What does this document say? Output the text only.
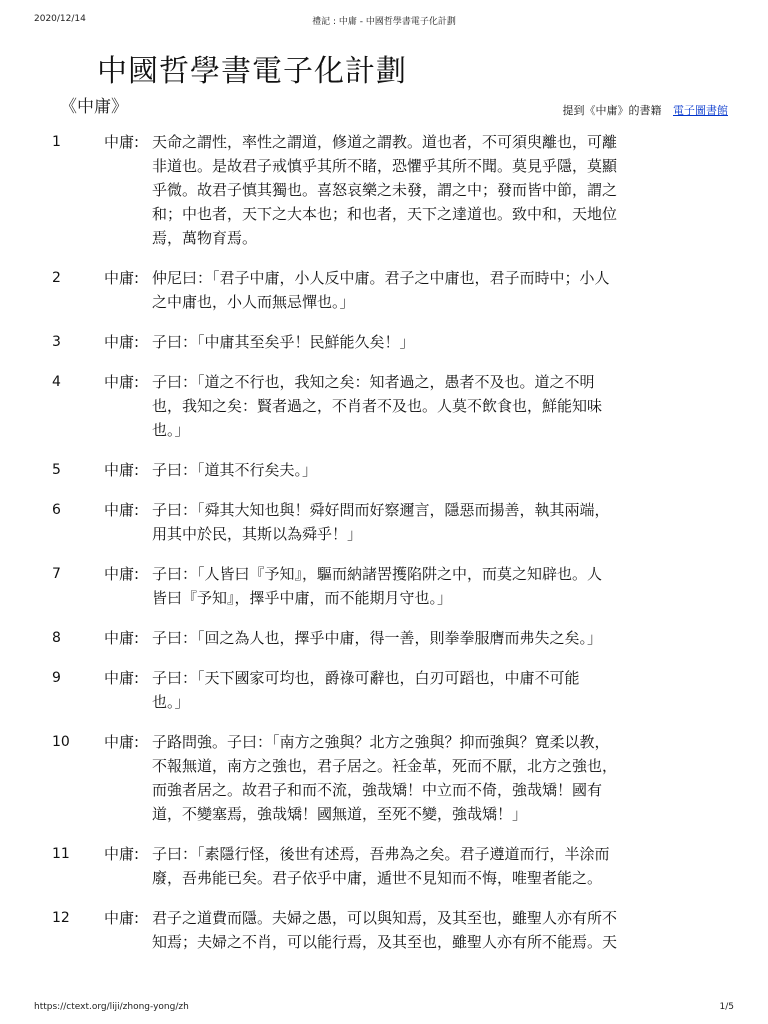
2020/12/14	禮記 : 中庸 - 中國哲學書電子化計劃
中國哲學書電子化計劃
《中庸》	提到《中庸》的書籍 電子圖書館
1	中庸: 天命之謂性，率性之謂道，修道之謂教。道也者，不可須臾離也，可離
非道也。是故君子戒慎乎其所不睹，恐懼乎其所不聞。莫見乎隱，莫顯
乎微。故君子慎其獨也。喜怒哀樂之未發，謂之中；發而皆中節，謂之
和；中也者，天下之大本也；和也者，天下之達道也。致中和，天地位
焉，萬物育焉。
2	中庸: 仲尼曰：「君子中庸，小人反中庸。君子之中庸也，君子而時中；小人
之中庸也，小人而無忌憚也。」
3	中庸: 子曰：「中庸其至矣乎！民鮮能久矣！」
4	中庸: 子曰：「道之不行也，我知之矣：知者過之，愚者不及也。道之不明
也，我知之矣：賢者過之，不肖者不及也。人莫不飲食也，鮮能知味
也。」
5	中庸: 子曰：「道其不行矣夫。」
6	中庸: 子曰：「舜其大知也與！舜好問而好察邇言，隱惡而揚善，執其兩端，
用其中於民，其斯以為舜乎！」
7	中庸: 子曰：「人皆曰『予知』，驅而納諸罟擭陷阱之中，而莫之知辟也。人
皆曰『予知』，擇乎中庸，而不能期月守也。」
8	中庸: 子曰：「回之為人也，擇乎中庸，得一善，則拳拳服膺而弗失之矣。」
9	中庸: 子曰：「天下國家可均也，爵祿可辭也，白刃可蹈也，中庸不可能
也。」
10	中庸: 子路問強。子曰：「南方之強與？北方之強與？抑而強與？寬柔以教，
不報無道，南方之強也，君子居之。衽金革，死而不厭，北方之強也，
而強者居之。故君子和而不流，強哉矯！中立而不倚，強哉矯！國有
道，不變塞焉，強哉矯！國無道，至死不變，強哉矯！」
11	中庸: 子曰：「素隱行怪，後世有述焉，吾弗為之矣。君子遵道而行，半涂而
廢，吾弗能已矣。君子依乎中庸，遁世不見知而不悔，唯聖者能之。
12	中庸: 君子之道費而隱。夫婦之愚，可以與知焉，及其至也，雖聖人亦有所不
知焉；夫婦之不肖，可以能行焉，及其至也，雖聖人亦有所不能焉。天
https://ctext.org/liji/zhong-yong/zh	1/5
